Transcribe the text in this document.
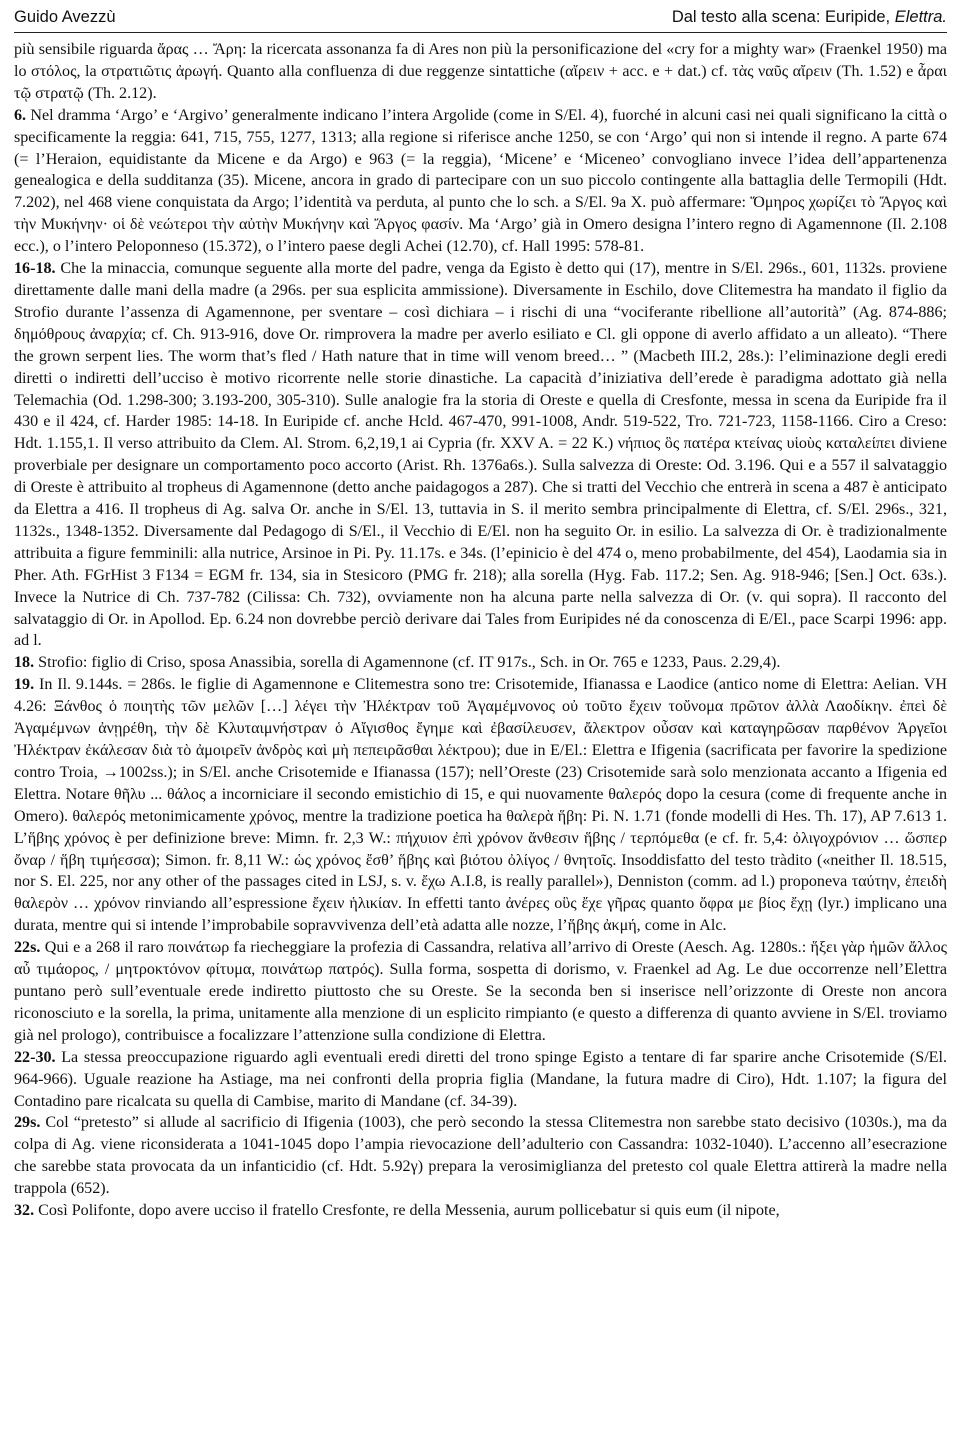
Guido Avezzù	Dal testo alla scena: Euripide, Elettra.

più sensibile riguarda ἄρας … Ἄρη: la ricercata assonanza fa di Ares non più la personificazione del «cry for a mighty war» (Fraenkel 1950) ma lo στόλος, la στρατιῶτις ἀρωγή. Quanto alla confluenza di due reggenze sintattiche (αἴρειν + acc. e + dat.) cf. τὰς ναῦς αἴρειν (Th. 1.52) e ἆραι τῷ στρατῷ (Th. 2.12).

6. Nel dramma ‘Argo’ e ‘Argivo’ generalmente indicano l’intera Argolide (come in S/El. 4), fuorché in alcuni casi nei quali significano la città o specificamente la reggia: 641, 715, 755, 1277, 1313; alla regione si riferisce anche 1250, se con ‘Argo’ qui non si intende il regno. A parte 674 (= l’Heraion, equidistante da Micene e da Argo) e 963 (= la reggia), ‘Micene’ e ‘Miceneo’ convogliano invece l’idea dell’appartenenza genealogica e della sudditanza (35). Micene, ancora in grado di partecipare con un suo piccolo contingente alla battaglia delle Termopili (Hdt. 7.202), nel 468 viene conquistata da Argo; l’identità va perduta, al punto che lo sch. a S/El. 9a X. può affermare: Ὅμηρος χωρίζει τὸ Ἄργος καὶ τὴν Μυκήνην· οἱ δὲ νεώτεροι τὴν αὐτὴν Μυκήνην καὶ Ἄργος φασίν. Ma ‘Argo’ già in Omero designa l’intero regno di Agamennone (Il. 2.108 ecc.), o l’intero Peloponneso (15.372), o l’intero paese degli Achei (12.70), cf. Hall 1995: 578-81.

16-18. Che la minaccia, comunque seguente alla morte del padre, venga da Egisto è detto qui (17), mentre in S/El. 296s., 601, 1132s. proviene direttamente dalle mani della madre (a 296s. per sua esplicita ammissione). Diversamente in Eschilo, dove Clitemestra ha mandato il figlio da Strofio durante l’assenza di Agamennone, per sventare – così dichiara – i rischi di una “vociferante ribellione all’autorità” (Ag. 874-886; δημόθρους ἀναρχία; cf. Ch. 913-916, dove Or. rimprovera la madre per averlo esiliato e Cl. gli oppone di averlo affidato a un alleato). “There the grown serpent lies. The worm that’s fled / Hath nature that in time will venom breed… ” (Macbeth III.2, 28s.): l’eliminazione degli eredi diretti o indiretti dell’ucciso è motivo ricorrente nelle storie dinastiche. La capacità d’iniziativa dell’erede è paradigma adottato già nella Telemachia (Od. 1.298-300; 3.193-200, 305-310). Sulle analogie fra la storia di Oreste e quella di Cresfonte, messa in scena da Euripide fra il 430 e il 424, cf. Harder 1985: 14-18. In Euripide cf. anche Hcld. 467-470, 991-1008, Andr. 519-522, Tro. 721-723, 1158-1166. Ciro a Creso: Hdt. 1.155,1. Il verso attribuito da Clem. Al. Strom. 6,2,19,1 ai Cypria (fr. XXV A. = 22 K.) νήπιος ὃς πατέρα κτείνας υἱοὺς καταλείπει diviene proverbiale per designare un comportamento poco accorto (Arist. Rh. 1376a6s.). Sulla salvezza di Oreste: Od. 3.196. Qui e a 557 il salvataggio di Oreste è attribuito al tropheus di Agamennone (detto anche paidagogos a 287). Che si tratti del Vecchio che entrerà in scena a 487 è anticipato da Elettra a 416. Il tropheus di Ag. salva Or. anche in S/El. 13, tuttavia in S. il merito sembra principalmente di Elettra, cf. S/El. 296s., 321, 1132s., 1348-1352. Diversamente dal Pedagogo di S/El., il Vecchio di E/El. non ha seguito Or. in esilio. La salvezza di Or. è tradizionalmente attribuita a figure femminili: alla nutrice, Arsinoe in Pi. Py. 11.17s. e 34s. (l’epinicio è del 474 o, meno probabilmente, del 454), Laodamia sia in Pher. Ath. FGrHist 3 F134 = EGM fr. 134, sia in Stesicoro (PMG fr. 218); alla sorella (Hyg. Fab. 117.2; Sen. Ag. 918-946; [Sen.] Oct. 63s.). Invece la Nutrice di Ch. 737-782 (Cilissa: Ch. 732), ovviamente non ha alcuna parte nella salvezza di Or. (v. qui sopra). Il racconto del salvataggio di Or. in Apollod. Ep. 6.24 non dovrebbe perciò derivare dai Tales from Euripides né da conoscenza di E/El., pace Scarpi 1996: app. ad l.

18. Strofio: figlio di Criso, sposa Anassibia, sorella di Agamennone (cf. IT 917s., Sch. in Or. 765 e 1233, Paus. 2.29,4).

19. In Il. 9.144s. = 286s. le figlie di Agamennone e Clitemestra sono tre: Crisotemide, Ifianassa e Laodice (antico nome di Elettra: Aelian. VH 4.26: Ξάνθος ὁ ποιητὴς τῶν μελῶν […] λέγει τὴν Ἠλέκτραν τοῦ Ἀγαμέμνονος οὐ τοῦτο ἔχειν τοὔνομα πρῶτον ἀλλὰ Λαοδίκην. ἐπεὶ δὲ Ἀγαμέμνων ἀνῃρέθη, τὴν δὲ Κλυταιμνήστραν ὁ Αἴγισθος ἔγημε καὶ ἐβασίλευσεν, ἄλεκτρον οὖσαν καὶ καταγηρῶσαν παρθένον Ἀργεῖοι Ἠλέκτραν ἐκάλεσαν διὰ τὸ ἀμοιρεῖν ἀνδρὸς καὶ μὴ πεπειρᾶσθαι λέκτρου); due in E/El.: Elettra e Ifigenia (sacrificata per favorire la spedizione contro Troia, →1002ss.); in S/El. anche Crisotemide e Ifianassa (157); nell’Oreste (23) Crisotemide sarà solo menzionata accanto a Ifigenia ed Elettra. Notare θῆλυ ... θάλος a incorniciare il secondo emistichio di 15, e qui nuovamente θαλερός dopo la cesura (come di frequente anche in Omero). θαλερός metonimicamente χρόνος, mentre la tradizione poetica ha θαλερὰ ἥβη: Pi. N. 1.71 (fonde modelli di Hes. Th. 17), AP 7.613 1. L’ἥβης χρόνος è per definizione breve: Mimn. fr. 2,3 W.: πήχυιον ἐπὶ χρόνον ἄνθεσιν ἥβης / τερπόμεθα (e cf. fr. 5,4: ὀλιγοχρόνιον … ὥσπερ ὄναρ / ἥβη τιμήεσσα); Simon. fr. 8,11 W.: ὡς χρόνος ἔσθ’ ἥβης καὶ βιότου ὀλίγος / θνητοῖς. Insoddisfatto del testo tràdito («neither Il. 18.515, nor S. El. 225, nor any other of the passages cited in LSJ, s. v. ἔχω A.I.8, is really parallel»), Denniston (comm. ad l.) proponeva ταύτην, ἐπειδὴ θαλερὸν … χρόνον rinviando all’espressione ἔχειν ἡλικίαν. In effetti tanto ἀνέρες οὓς ἔχε γῆρας quanto ὄφρα με βίος ἔχῃ (lyr.) implicano una durata, mentre qui si intende l’improbabile sopravvivenza dell’età adatta alle nozze, l’ἥβης ἀκμή, come in Alc.

22s. Qui e a 268 il raro ποινάτωρ fa riecheggiare la profezia di Cassandra, relativa all’arrivo di Oreste (Aesch. Ag. 1280s.: ἥξει γὰρ ἡμῶν ἄλλος αὖ τιμάορος, / μητροκτόνον φίτυμα, ποινάτωρ πατρός). Sulla forma, sospetta di dorismo, v. Fraenkel ad Ag. Le due occorrenze nell’Elettra puntano però sull’eventuale erede indiretto piuttosto che su Oreste. Se la seconda ben si inserisce nell’orizzonte di Oreste non ancora riconosciuto e la sorella, la prima, unitamente alla menzione di un esplicito rimpianto (e questo a differenza di quanto avviene in S/El. troviamo già nel prologo), contribuisce a focalizzare l’attenzione sulla condizione di Elettra.

22-30. La stessa preoccupazione riguardo agli eventuali eredi diretti del trono spinge Egisto a tentare di far sparire anche Crisotemide (S/El. 964-966). Uguale reazione ha Astiage, ma nei confronti della propria figlia (Mandane, la futura madre di Ciro), Hdt. 1.107; la figura del Contadino pare ricalcata su quella di Cambise, marito di Mandane (cf. 34-39).

29s. Col “pretesto” si allude al sacrificio di Ifigenia (1003), che però secondo la stessa Clitemestra non sarebbe stato decisivo (1030s.), ma da colpa di Ag. viene riconsiderata a 1041-1045 dopo l’ampia rievocazione dell’adulterio con Cassandra: 1032-1040). L’accenno all’esecrazione che sarebbe stata provocata da un infanticidio (cf. Hdt. 5.92γ) prepara la verosimiglianza del pretesto col quale Elettra attirerà la madre nella trappola (652).

32. Così Polifonte, dopo avere ucciso il fratello Cresfonte, re della Messenia, aurum pollicebatur si quis eum (il nipote,
